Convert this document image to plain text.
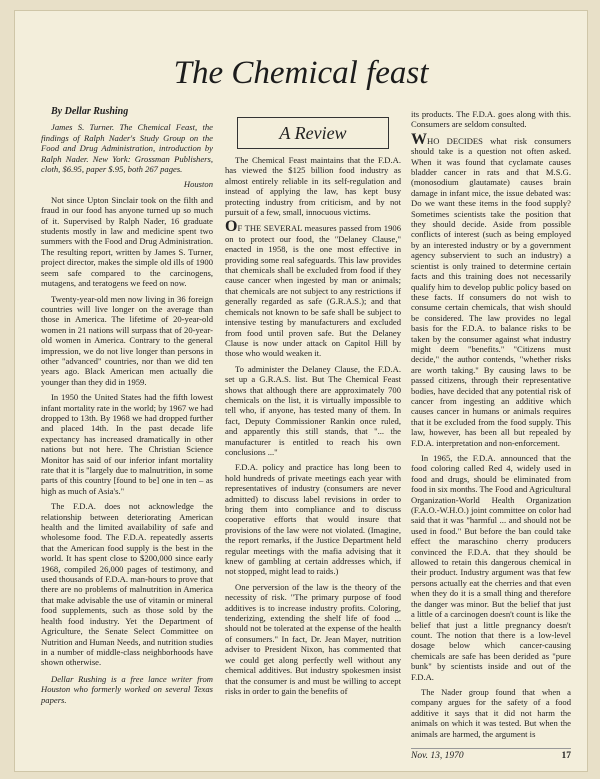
The Chemical feast

By Dellar Rushing

James S. Turner. The Chemical Feast, the findings of Ralph Nader's Study Group on the Food and Drug Administration, introduction by Ralph Nader. New York: Grossman Publishers, cloth, $6.95, paper $.95, both 267 pages.

Houston

Not since Upton Sinclair took on the filth and fraud in our food has anyone turned up so much of it. Supervised by Ralph Nader, 16 graduate students mostly in law and medicine spent two summers with the Food and Drug Administration. The resulting report, written by James S. Turner, project director, makes the simple old ills of 1900 seem safe compared to the carcinogens, mutagens, and teratogens we feed on now.

Twenty-year-old men now living in 36 foreign countries will live longer on the average than those in America. The lifetime of 20-year-old women in 21 nations will surpass that of 20-year-old women in America. Contrary to the general impression, we do not live longer than persons in other "advanced" countries, nor than we did ten years ago. Black American men actually die younger than they did in 1959.

In 1950 the United States had the fifth lowest infant mortality rate in the world; by 1967 we had dropped to 13th. By 1968 we had dropped further and placed 14th. In the past decade life expectancy has increased dramatically in other nations but not here. The Christian Science Monitor has said of our inferior infant mortality rate that it is "largely due to malnutrition, in some parts of this country [found to be] one in ten – as high as much of Asia's."

The F.D.A. does not acknowledge the relationship between deteriorating American health and the limited availability of safe and wholesome food. The F.D.A. repeatedly asserts that the American food supply is the best in the world. It has spent close to $200,000 since early 1968, compiled 26,000 pages of testimony, and used thousands of F.D.A. man-hours to prove that there are no problems of malnutrition in America that make advisable the use of vitamin or mineral food supplements, such as those sold by the health food industry. Yet the Department of Agriculture, the Senate Select Committee on Nutrition and Human Needs, and nutrition studies in a number of middle-class neighborhoods have shown otherwise.

Dellar Rushing is a free lance writer from Houston who formerly worked on several Texas papers.

A Review

The Chemical Feast maintains that the F.D.A. has viewed the $125 billion food industry as almost entirely reliable in its self-regulation and instead of applying the law, has kept busy protecting industry from criticism, and by not pursuit of a few, small, innocuous victims.

OF THE SEVERAL measures passed from 1906 on to protect our food, the "Delaney Clause," enacted in 1958, is the one most effective in providing some real safeguards. This law provides that chemicals shall be excluded from food if they cause cancer when ingested by man or animals; that chemicals are not subject to any restrictions if generally regarded as safe (G.R.A.S.); and that chemicals not known to be safe shall be subject to intensive testing by manufacturers and excluded from food until proven safe. But the Delaney Clause is now under attack on Capitol Hill by those who would weaken it.

To administer the Delaney Clause, the F.D.A. set up a G.R.A.S. list. But The Chemical Feast shows that although there are approximately 700 chemicals on the list, it is virtually impossible to tell who, if anyone, has tested many of them. In fact, Deputy Commissioner Rankin once ruled, and apparently this still stands, that "... the manufacturer is entitled to reach his own conclusions ..."

F.D.A. policy and practice has long been to hold hundreds of private meetings each year with representatives of industry (consumers are never admitted) to discuss label revisions in order to bring them into compliance and to discuss cooperative efforts that would insure that provisions of the law were not violated. (Imagine, the report remarks, if the Justice Department held regular meetings with the mafia advising that it knew of gambling at certain addresses which, if not stopped, might lead to raids.)

One perversion of the law is the theory of the necessity of risk. "The primary purpose of food additives is to increase industry profits. Coloring, tenderizing, extending the shelf life of food ... should not be tolerated at the expense of the health of consumers." In fact, Dr. Jean Mayer, nutrition adviser to President Nixon, has commented that we could get along perfectly well without any chemical additives. But industry spokesmen insist that the consumer is and must be willing to accept risks in order to gain the benefits of

its products. The F.D.A. goes along with this. Consumers are seldom consulted.

WHO DECIDES what risk consumers should take is a question not often asked. When it was found that cyclamate causes bladder cancer in rats and that M.S.G. (monosodium glautamate) causes brain damage in infant mice, the issue debated was: Do we want these items in the food supply? Sometimes scientists take the position that they should decide. Aside from possible conflicts of interest (such as being employed by an interested industry or by a government agency subservient to such an industry) a scientist is only trained to determine certain facts and this training does not necessarily qualify him to develop public policy based on these facts. If consumers do not wish to consume certain chemicals, that wish should be considered. The law provides no legal basis for the F.D.A. to balance risks to be taken by the consumer against what industry might deem "benefits." "Citizens must decide," the author contends, "whether risks are worth taking." By causing laws to be passed citizens, through their representative bodies, have decided that any potential risk of cancer from ingesting an additive which causes cancer in humans or animals requires that it be excluded from the food supply. This law, however, has been all but repealed by F.D.A. interpretation and non-enforcement.

In 1965, the F.D.A. announced that the food coloring called Red 4, widely used in food and drugs, should be eliminated from food in six months. The Food and Agricultural Organization-World Health Organization (F.A.O.-W.H.O.) joint committee on color had said that it was "harmful ... and should not be used in food." But before the ban could take effect the maraschino cherry producers convinced the F.D.A. that they should be allowed to retain this dangerous chemical in their product. Industry argument was that few persons actually eat the cherries and that even when they do it is a small thing and therefore the danger was minor. But the belief that just a little of a carcinogen doesn't count is like the belief that just a little pregnancy doesn't count. The notion that there is a low-level dosage below which cancer-causing chemicals are safe has been derided as "pure bunk" by scientists inside and out of the F.D.A.

The Nader group found that when a company argues for the safety of a food additive it says that it did not harm the animals on which it was tested. But when the animals are harmed, the argument is

Nov. 13, 1970	17
